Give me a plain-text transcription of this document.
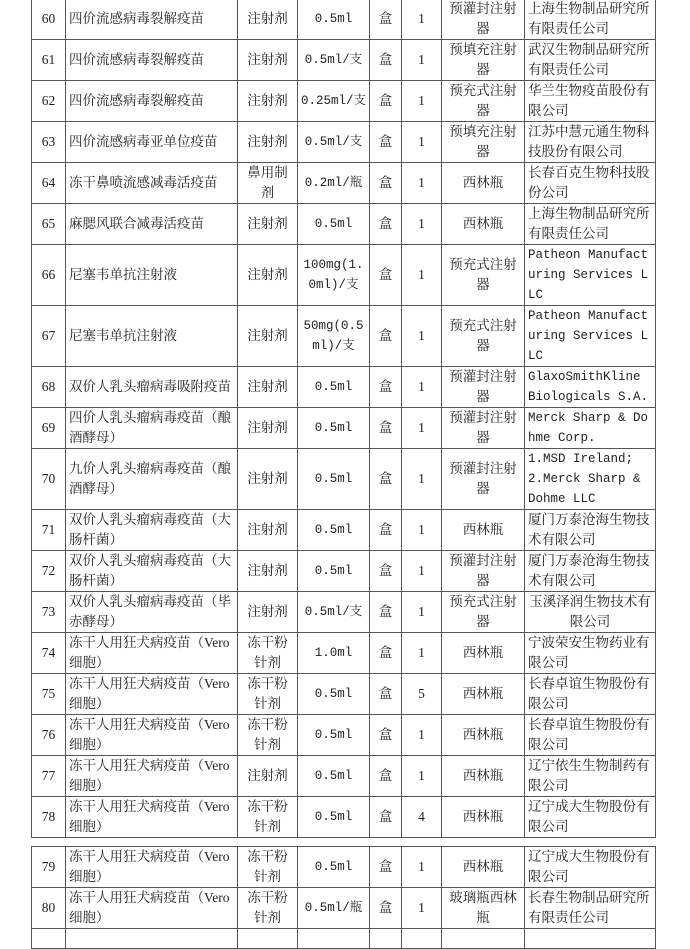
60	四价流感病毒裂解疫苗	注射剂	0.5ml	盒	1	预灌封注射器	上海生物制品研究所有限责任公司
61	四价流感病毒裂解疫苗	注射剂	0.5ml/支	盒	1	预填充注射器	武汉生物制品研究所有限责任公司
62	四价流感病毒裂解疫苗	注射剂	0.25ml/支	盒	1	预充式注射器	华兰生物疫苗股份有限公司
63	四价流感病毒亚单位疫苗	注射剂	0.5ml/支	盒	1	预填充注射器	江苏中慧元通生物科技股份有限公司
64	冻干鼻喷流感减毒活疫苗	鼻用制剂	0.2ml/瓶	盒	1	西林瓶	长春百克生物科技股份公司
65	麻腮风联合减毒活疫苗	注射剂	0.5ml	盒	1	西林瓶	上海生物制品研究所有限责任公司
66	尼塞韦单抗注射液	注射剂	100mg(1.0ml)/支	盒	1	预充式注射器	Patheon Manufacturing Services LLC
67	尼塞韦单抗注射液	注射剂	50mg(0.5ml)/支	盒	1	预充式注射器	Patheon Manufacturing Services LLC
68	双价人乳头瘤病毒吸附疫苗	注射剂	0.5ml	盒	1	预灌封注射器	GlaxoSmithKline Biologicals S.A.
69	四价人乳头瘤病毒疫苗（酿酒酵母）	注射剂	0.5ml	盒	1	预灌封注射器	Merck Sharp & Dohme Corp.
70	九价人乳头瘤病毒疫苗（酿酒酵母）	注射剂	0.5ml	盒	1	预灌封注射器	1.MSD Ireland; 2.Merck Sharp & Dohme LLC
71	双价人乳头瘤病毒疫苗（大肠杆菌）	注射剂	0.5ml	盒	1	西林瓶	厦门万泰沧海生物技术有限公司
72	双价人乳头瘤病毒疫苗（大肠杆菌）	注射剂	0.5ml	盒	1	预灌封注射器	厦门万泰沧海生物技术有限公司
73	双价人乳头瘤病毒疫苗（毕赤酵母）	注射剂	0.5ml/支	盒	1	预充式注射器	玉溪泽润生物技术有限公司
74	冻干人用狂犬病疫苗（Vero细胞）	冻干粉针剂	1.0ml	盒	1	西林瓶	宁波荣安生物药业有限公司
75	冻干人用狂犬病疫苗（Vero细胞）	冻干粉针剂	0.5ml	盒	5	西林瓶	长春卓谊生物股份有限公司
76	冻干人用狂犬病疫苗（Vero细胞）	冻干粉针剂	0.5ml	盒	1	西林瓶	长春卓谊生物股份有限公司
77	冻干人用狂犬病疫苗（Vero细胞）	注射剂	0.5ml	盒	1	西林瓶	辽宁依生生物制药有限公司
78	冻干人用狂犬病疫苗（Vero细胞）	冻干粉针剂	0.5ml	盒	4	西林瓶	辽宁成大生物股份有限公司
79	冻干人用狂犬病疫苗（Vero细胞）	冻干粉针剂	0.5ml	盒	1	西林瓶	辽宁成大生物股份有限公司
80	冻干人用狂犬病疫苗（Vero细胞）	冻干粉针剂	0.5ml/瓶	盒	1	玻璃瓶西林瓶	长春生物制品研究所有限责任公司
